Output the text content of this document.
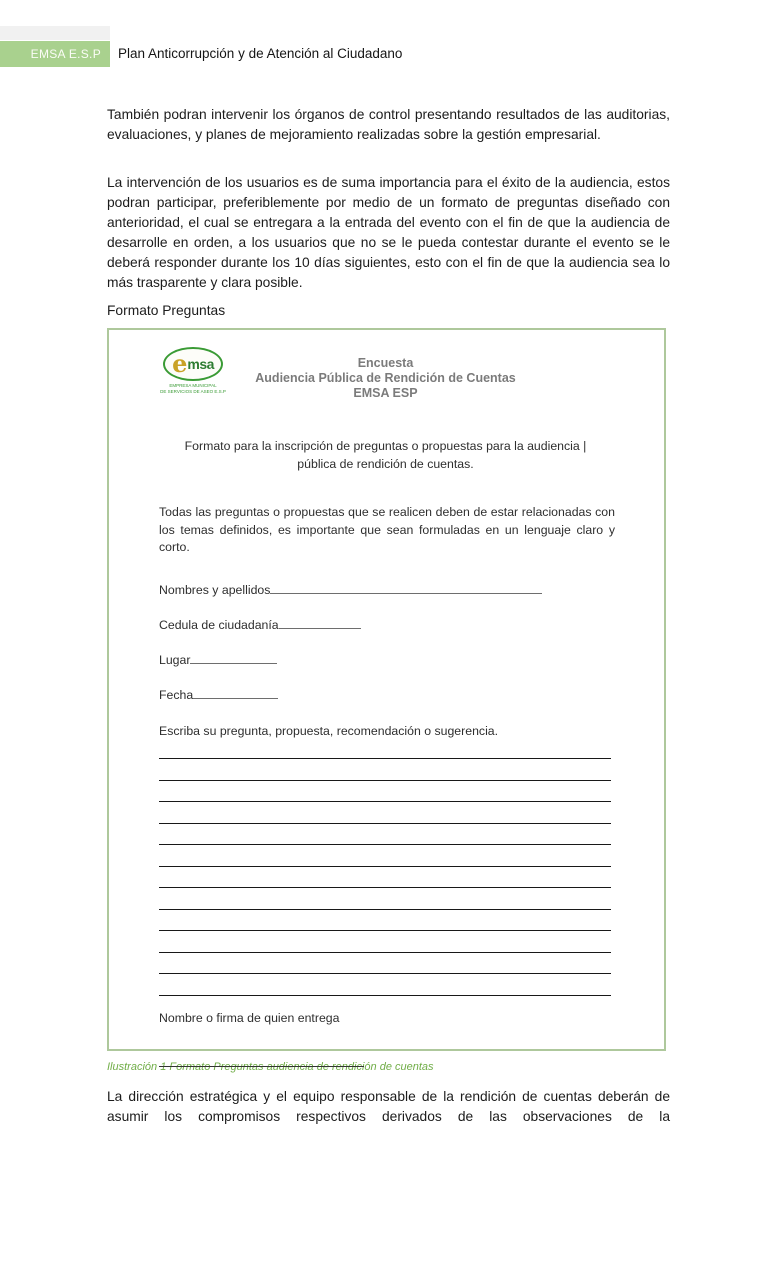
EMSA E.S.P	Plan Anticorrupción y de Atención al Ciudadano

También podran intervenir los órganos de control presentando resultados de las auditorias, evaluaciones, y planes de mejoramiento realizadas sobre la gestión empresarial.

La intervención de los usuarios es de suma importancia para el éxito de la audiencia, estos podran participar, preferiblemente por medio de un formato de preguntas diseñado con anterioridad, el cual se entregara a la entrada del evento con el fin de que la audiencia de desarrolle en orden, a los usuarios que no se le pueda contestar durante el evento se le deberá responder durante los 10 días siguientes, esto con el fin de que la audiencia sea lo más trasparente y clara posible.

Formato Preguntas
e msa
EMPRESA MUNICIPAL
DE SERVICIOS DE ASEO E.S.P
Encuesta
Audiencia Pública de Rendición de Cuentas
EMSA ESP
Formato para la inscripción de preguntas o propuestas para la audiencia |
pública de rendición de cuentas.
Todas las preguntas o propuestas que se realicen deben de estar relacionadas con los temas definidos, es importante que sean formuladas en un lenguaje claro y corto.
Nombres y apellidos
Cedula de ciudadanía
Lugar
Fecha
Escriba su pregunta, propuesta, recomendación o sugerencia.
Nombre o firma de quien entrega
Ilustración 1 Formato Preguntas audiencia de rendición de cuentas

La dirección estratégica y el equipo responsable de la rendición de cuentas deberán de asumir los compromisos respectivos derivados de las observaciones de la
